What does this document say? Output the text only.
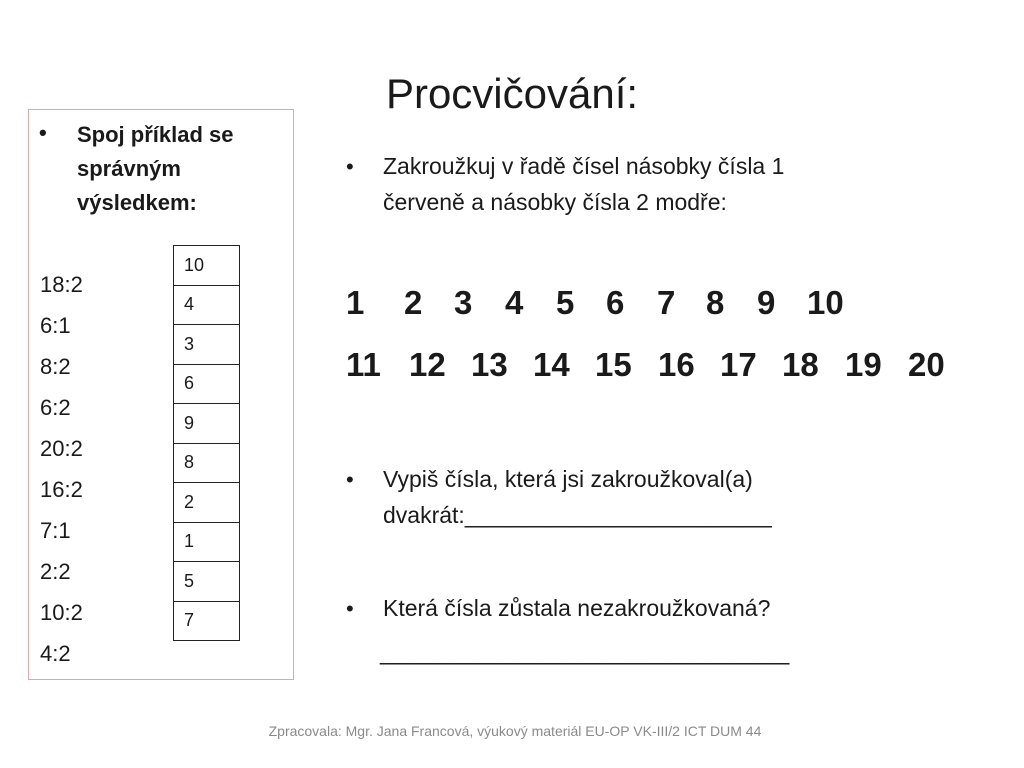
Procvičování:
• Spoj příklad se správným výsledkem:
18:2
6:1
8:2
6:2
20:2
16:2
7:1
2:2
10:2
4:2
10
4
3
6
9
8
2
1
5
7
• Zakroužkuj v řadě čísel násobky čísla 1
červeně a násobky čísla 2 modře:
1 2 3 4 5 6 7 8 9 10
11 12 13 14 15 16 17 18 19 20
• Vypiš čísla, která jsi zakroužkoval(a)
dvakrát:________________________
• Která čísla zůstala nezakroužkovaná?
________________________________
Zpracovala: Mgr. Jana Francová, výukový materiál EU-OP VK-III/2 ICT DUM 44
